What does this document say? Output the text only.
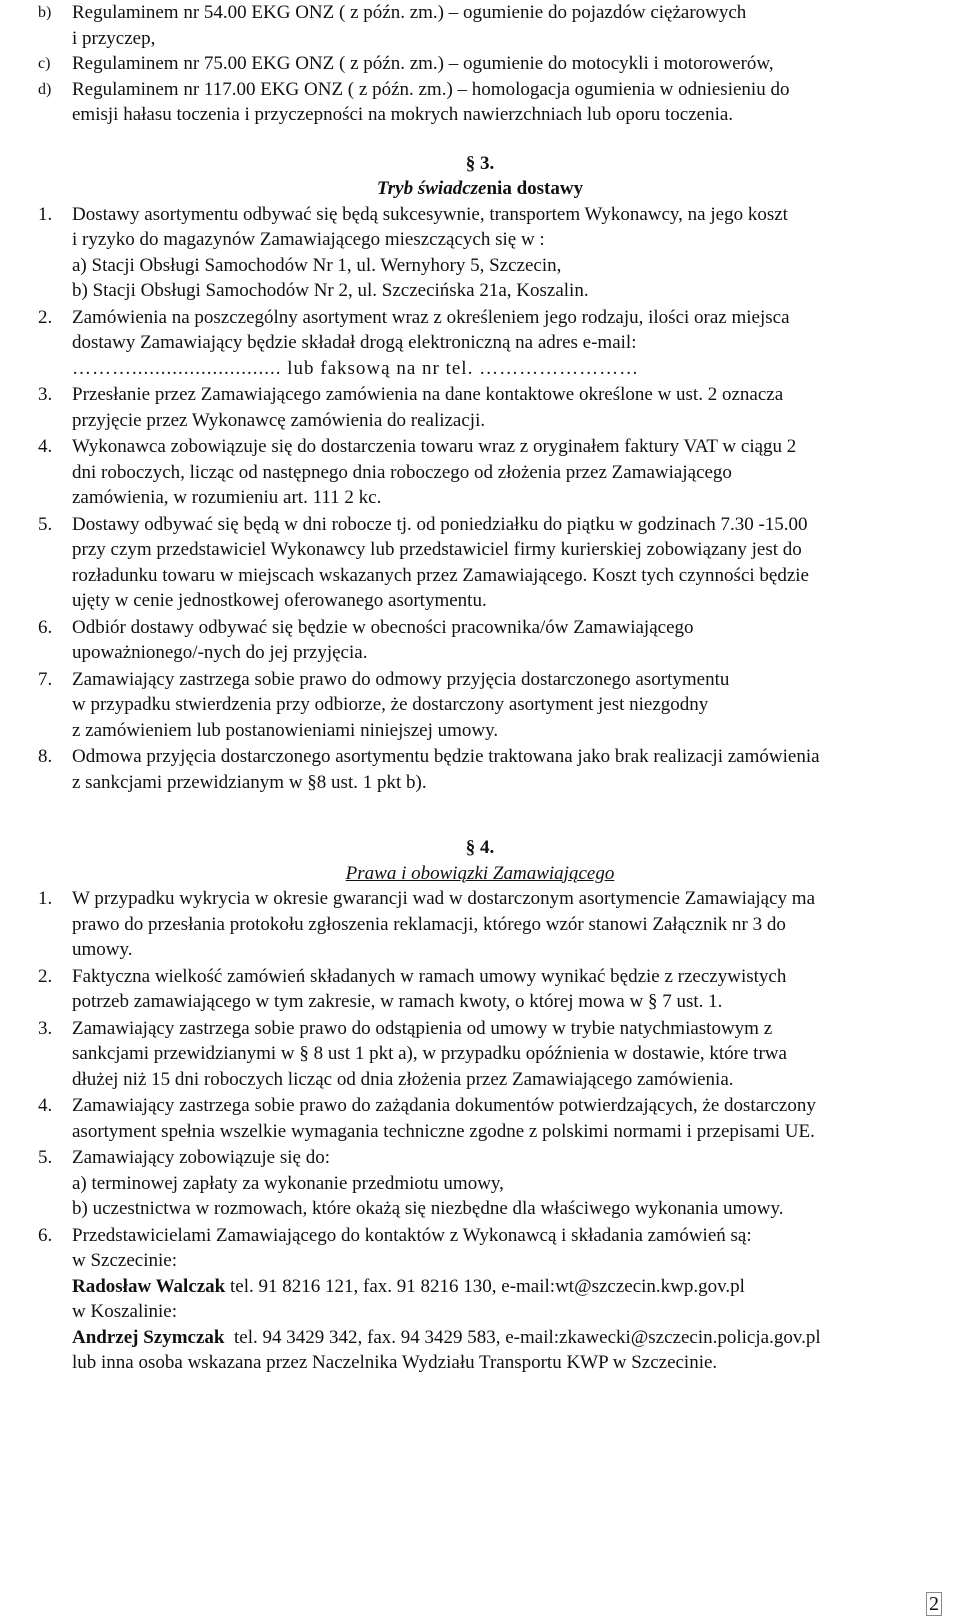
b)	Regulaminem nr 54.00 EKG ONZ ( z późn. zm.) – ogumienie do pojazdów ciężarowych
i przyczep,
c)	Regulaminem nr 75.00 EKG ONZ ( z późn. zm.) – ogumienie do motocykli i motorowerów,
d)	Regulaminem nr 117.00 EKG ONZ ( z późn. zm.) – homologacja ogumienia w odniesieniu do
emisji hałasu toczenia i przyczepności na mokrych nawierzchniach lub oporu toczenia.
§ 3.
Tryb świadczenia dostawy
1.	Dostawy asortymentu odbywać się będą sukcesywnie, transportem Wykonawcy, na jego koszt
i ryzyko do magazynów Zamawiającego mieszczących się w :
a) Stacji Obsługi Samochodów Nr 1, ul. Wernyhory 5, Szczecin,
b) Stacji Obsługi Samochodów Nr 2, ul. Szczecińska 21a, Koszalin.
2.	Zamówienia na poszczególny asortyment wraz z określeniem jego rodzaju, ilości oraz miejsca
dostawy Zamawiający będzie składał drogą elektroniczną na adres e-mail:
……….......................... lub faksową na nr tel. ……………………
3.	Przesłanie przez Zamawiającego zamówienia na dane kontaktowe określone w ust. 2 oznacza
przyjęcie przez Wykonawcę zamówienia do realizacji.
4.	Wykonawca zobowiązuje się do dostarczenia towaru wraz z oryginałem faktury VAT w ciągu 2
dni roboczych, licząc od następnego dnia roboczego od złożenia przez Zamawiającego
zamówienia, w rozumieniu art. 111 2 kc.
5.	Dostawy odbywać się będą w dni robocze tj. od poniedziałku do piątku w godzinach 7.30 -15.00
przy czym przedstawiciel Wykonawcy lub przedstawiciel firmy kurierskiej zobowiązany jest do
rozładunku towaru w miejscach wskazanych przez Zamawiającego. Koszt tych czynności będzie
ujęty w cenie jednostkowej oferowanego asortymentu.
6.	Odbiór dostawy odbywać się będzie w obecności pracownika/ów Zamawiającego
upoważnionego/-nych do jej przyjęcia.
7.	Zamawiający zastrzega sobie prawo do odmowy przyjęcia dostarczonego asortymentu
w przypadku stwierdzenia przy odbiorze, że dostarczony asortyment jest niezgodny
z zamówieniem lub postanowieniami niniejszej umowy.
8.	Odmowa przyjęcia dostarczonego asortymentu będzie traktowana jako brak realizacji zamówienia
z sankcjami przewidzianym w §8 ust. 1 pkt b).
§ 4.
Prawa i obowiązki Zamawiającego
1.	W przypadku wykrycia w okresie gwarancji wad w dostarczonym asortymencie Zamawiający ma
prawo do przesłania protokołu zgłoszenia reklamacji, którego wzór stanowi Załącznik nr 3 do
umowy.
2.	Faktyczna wielkość zamówień składanych w ramach umowy wynikać będzie z rzeczywistych
potrzeb zamawiającego w tym zakresie, w ramach kwoty, o której mowa w § 7 ust. 1.
3.	Zamawiający zastrzega sobie prawo do odstąpienia od umowy w trybie natychmiastowym z
sankcjami przewidzianymi w § 8 ust 1 pkt a), w przypadku opóźnienia w dostawie, które trwa
dłużej niż 15 dni roboczych licząc od dnia złożenia przez Zamawiającego zamówienia.
4.	Zamawiający zastrzega sobie prawo do zażądania dokumentów potwierdzających, że dostarczony
asortyment spełnia wszelkie wymagania techniczne zgodne z polskimi normami i przepisami UE.
5.	Zamawiający zobowiązuje się do:
a) terminowej zapłaty za wykonanie przedmiotu umowy,
b) uczestnictwa w rozmowach, które okażą się niezbędne dla właściwego wykonania umowy.
6.	Przedstawicielami Zamawiającego do kontaktów z Wykonawcą i składania zamówień są:
w Szczecinie:
Radosław Walczak tel. 91 8216 121, fax. 91 8216 130, e-mail:wt@szczecin.kwp.gov.pl
w Koszalinie:
Andrzej Szymczak  tel. 94 3429 342, fax. 94 3429 583, e-mail:zkawecki@szczecin.policja.gov.pl
lub inna osoba wskazana przez Naczelnika Wydziału Transportu KWP w Szczecinie.
2
